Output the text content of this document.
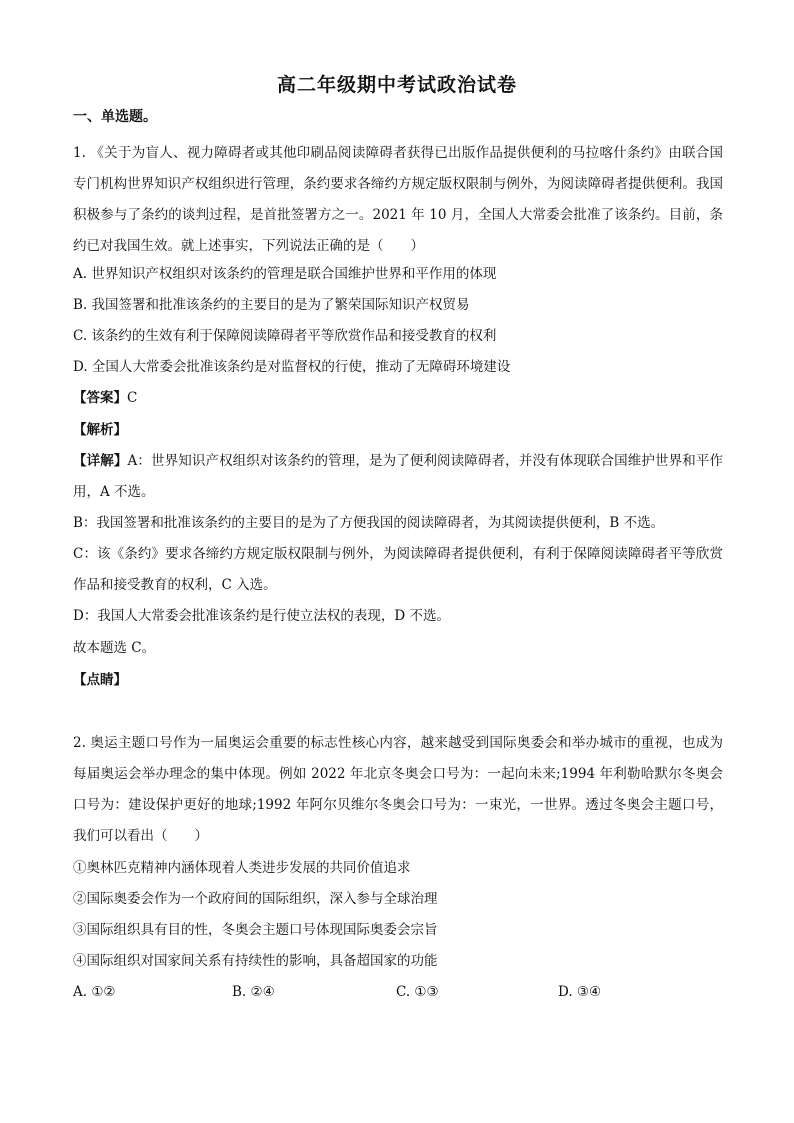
高二年级期中考试政治试卷
一、单选题。
1. 《关于为盲人、视力障碍者或其他印刷品阅读障碍者获得已出版作品提供便利的马拉喀什条约》由联合国专门机构世界知识产权组织进行管理，条约要求各缔约方规定版权限制与例外，为阅读障碍者提供便利。我国积极参与了条约的谈判过程，是首批签署方之一。2021 年 10 月，全国人大常委会批准了该条约。目前，条约已对我国生效。就上述事实，下列说法正确的是（　　）
A. 世界知识产权组织对该条约的管理是联合国维护世界和平作用的体现
B. 我国签署和批准该条约的主要目的是为了繁荣国际知识产权贸易
C. 该条约的生效有利于保障阅读障碍者平等欣赏作品和接受教育的权利
D. 全国人大常委会批准该条约是对监督权的行使，推动了无障碍环境建设
【答案】C
【解析】
【详解】A：世界知识产权组织对该条约的管理，是为了便利阅读障碍者，并没有体现联合国维护世界和平作用，A 不选。
B：我国签署和批准该条约的主要目的是为了方便我国的阅读障碍者，为其阅读提供便利，B 不选。
C：该《条约》要求各缔约方规定版权限制与例外，为阅读障碍者提供便利，有利于保障阅读障碍者平等欣赏作品和接受教育的权利，C 入选。
D：我国人大常委会批准该条约是行使立法权的表现，D 不选。
故本题选 C。
【点睛】
2. 奥运主题口号作为一届奥运会重要的标志性核心内容，越来越受到国际奥委会和举办城市的重视，也成为每届奥运会举办理念的集中体现。例如 2022 年北京冬奥会口号为：一起向未来;1994 年利勒哈默尔冬奥会口号为：建设保护更好的地球;1992 年阿尔贝维尔冬奥会口号为：一束光，一世界。透过冬奥会主题口号，我们可以看出（　　）
①奥林匹克精神内涵体现着人类进步发展的共同价值追求
②国际奥委会作为一个政府间的国际组织，深入参与全球治理
③国际组织具有目的性，冬奥会主题口号体现国际奥委会宗旨
④国际组织对国家间关系有持续性的影响，具备超国家的功能
A. ①②	B. ②④	C. ①③	D. ③④
